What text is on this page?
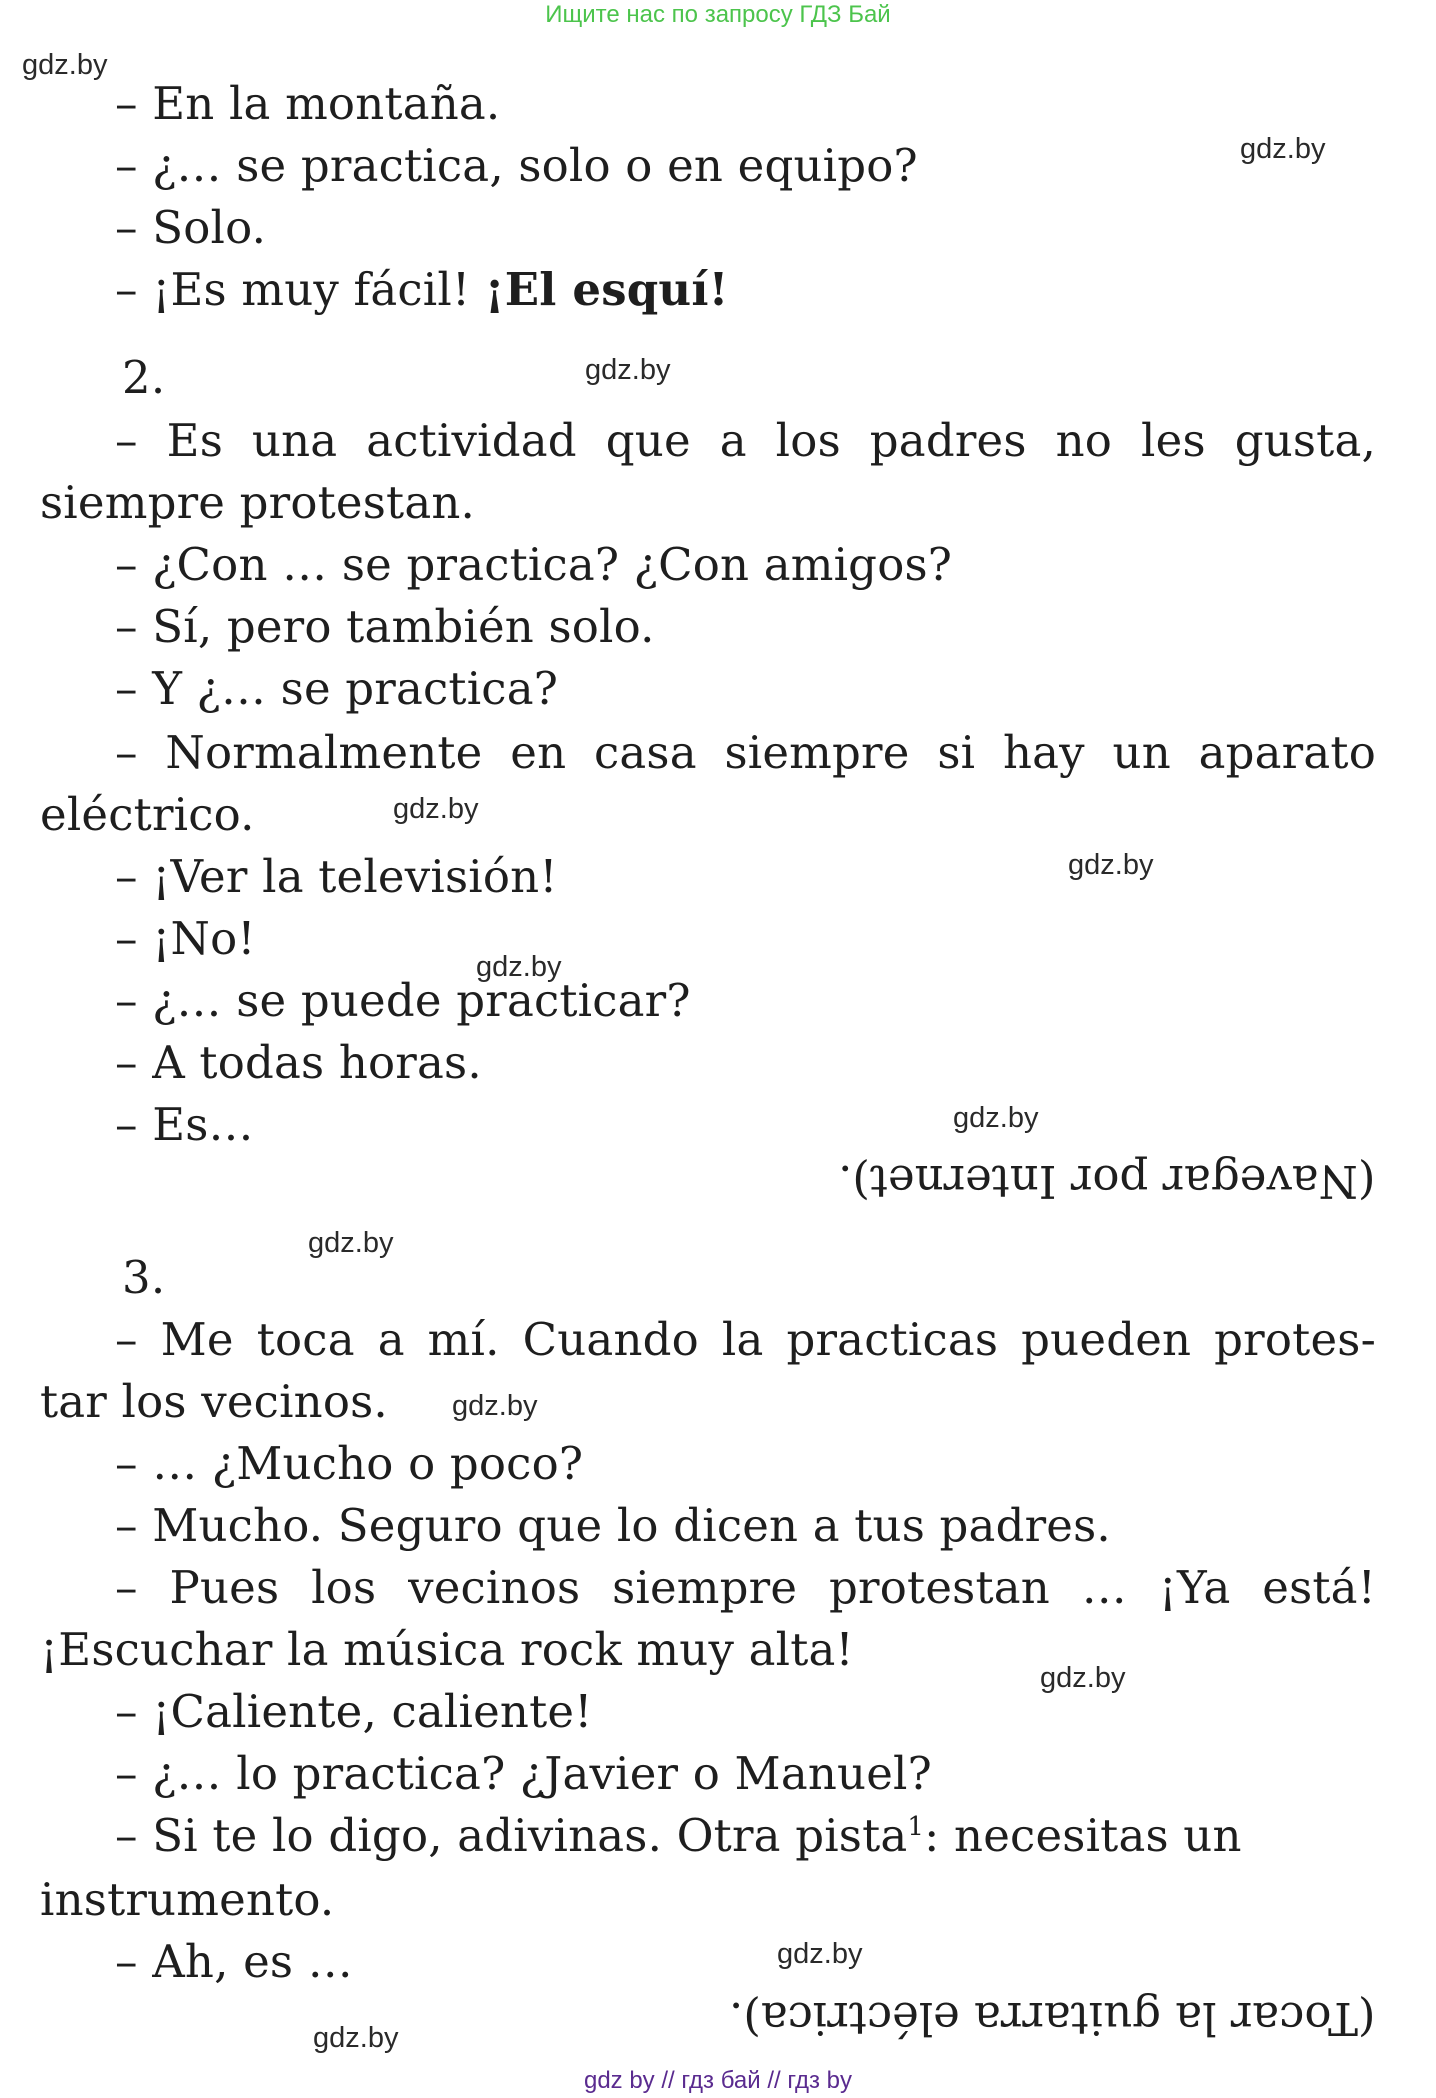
Ищите нас по запросу ГДЗ Бай
gdz.by
gdz.by
gdz.by
gdz.by
gdz.by
gdz.by
gdz.by
gdz.by
gdz.by
gdz.by
gdz.by
gdz.by
– En la montaña.
– ¿… se practica, solo o en equipo?
– Solo.
– ¡Es muy fácil! ¡El esquí!
2.
– Es una actividad que a los padres no les gusta,
siempre protestan.
– ¿Con … se practica? ¿Con amigos?
– Sí, pero también solo.
– Y ¿… se practica?
– Normalmente en casa siempre si hay un aparato
eléctrico.
– ¡Ver la televisión!
– ¡No!
– ¿… se puede practicar?
– A todas horas.
– Es…
(Navegar por Internet).
3.
– Me toca a mí. Cuando la practicas pueden protes-
tar los vecinos.
– … ¿Mucho o poco?
– Mucho. Seguro que lo dicen a tus padres.
– Pues los vecinos siempre protestan … ¡Ya está!
¡Escuchar la música rock muy alta!
– ¡Caliente, caliente!
– ¿… lo practica? ¿Javier o Manuel?
– Si te lo digo, adivinas. Otra pista$^1$: necesitas un
instrumento.
– Ah, es …
(Tocar la guitarra eléctrica).
gdz by // гдз бай // гдз by
